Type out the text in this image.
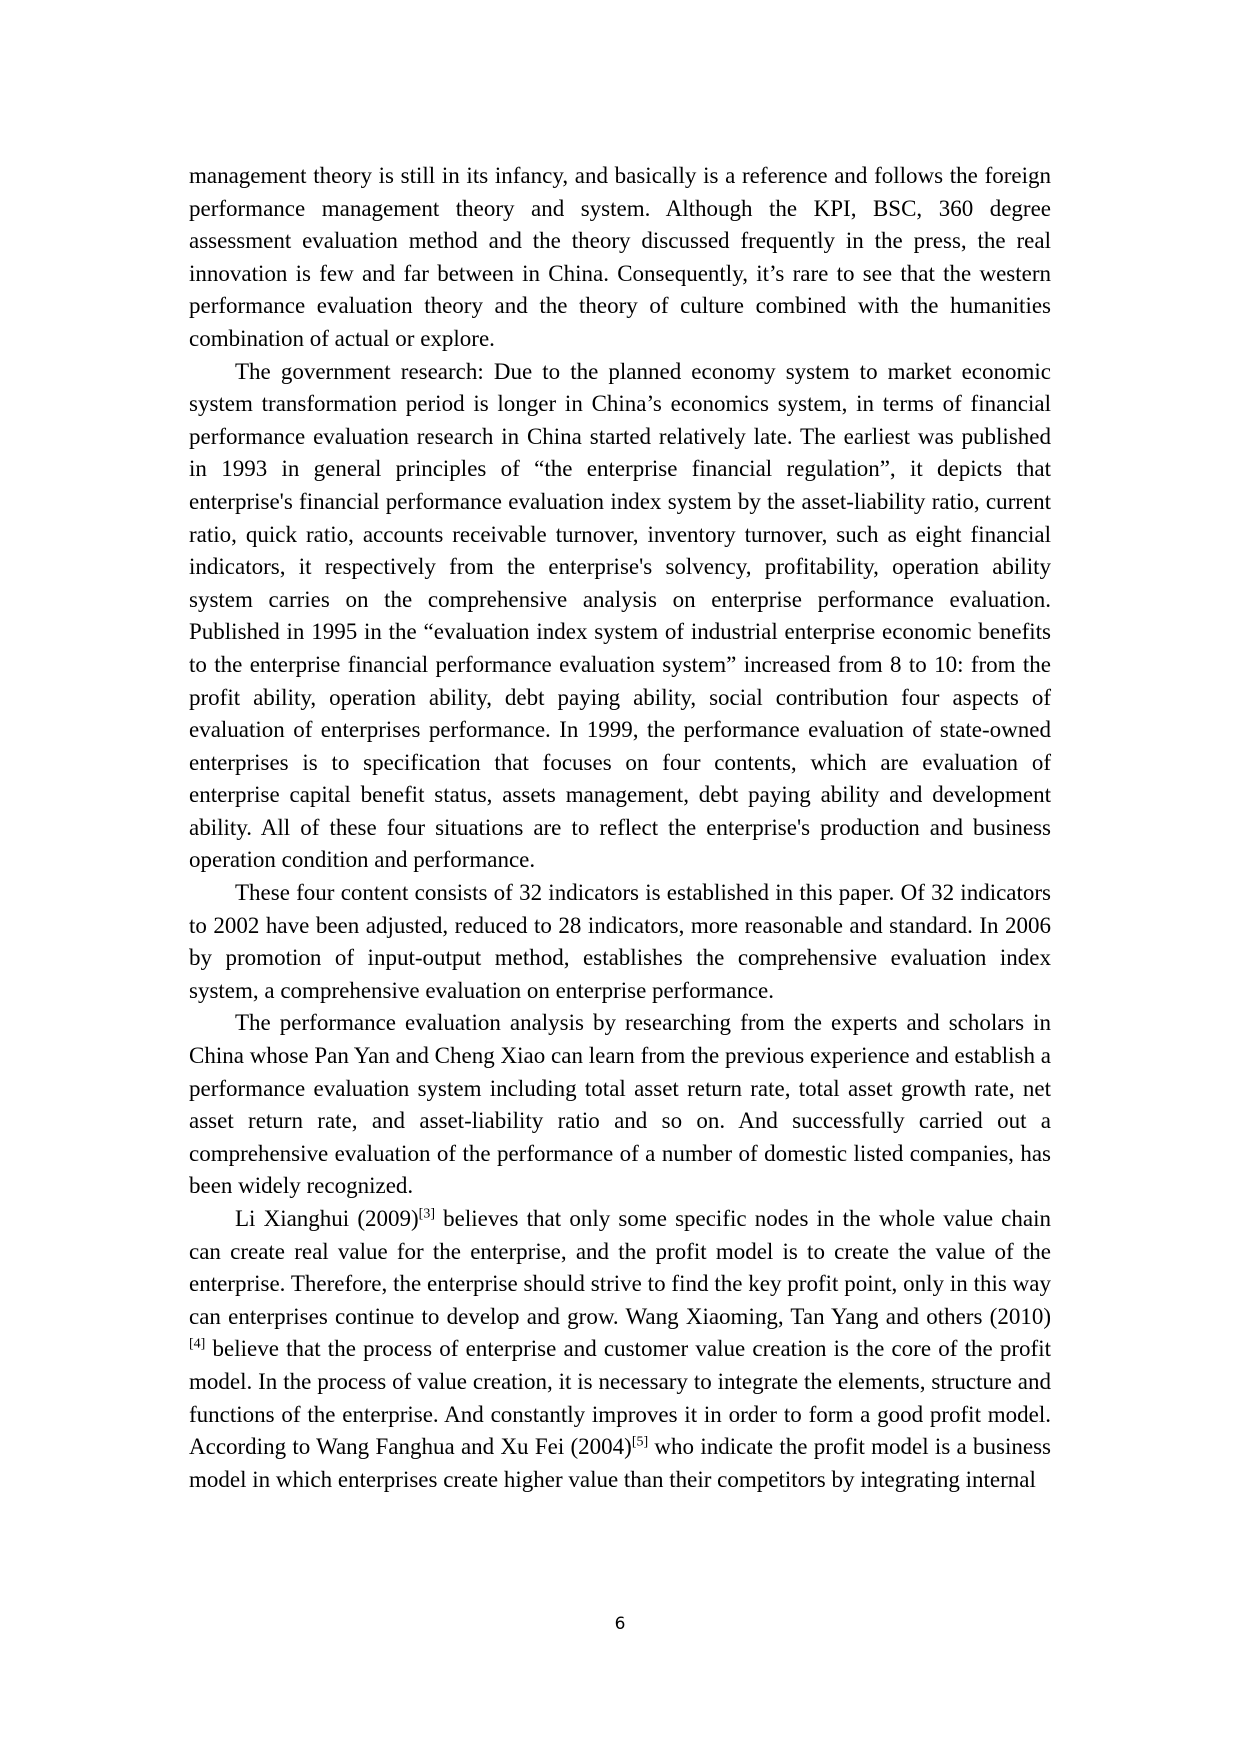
management theory is still in its infancy, and basically is a reference and follows the foreign performance management theory and system. Although the KPI, BSC, 360 degree assessment evaluation method and the theory discussed frequently in the press, the real innovation is few and far between in China. Consequently, it’s rare to see that the western performance evaluation theory and the theory of culture combined with the humanities combination of actual or explore.

The government research: Due to the planned economy system to market economic system transformation period is longer in China’s economics system, in terms of financial performance evaluation research in China started relatively late. The earliest was published in 1993 in general principles of “the enterprise financial regulation”, it depicts that enterprise's financial performance evaluation index system by the asset-liability ratio, current ratio, quick ratio, accounts receivable turnover, inventory turnover, such as eight financial indicators, it respectively from the enterprise's solvency, profitability, operation ability system carries on the comprehensive analysis on enterprise performance evaluation. Published in 1995 in the “evaluation index system of industrial enterprise economic benefits to the enterprise financial performance evaluation system” increased from 8 to 10: from the profit ability, operation ability, debt paying ability, social contribution four aspects of evaluation of enterprises performance. In 1999, the performance evaluation of state-owned enterprises is to specification that focuses on four contents, which are evaluation of enterprise capital benefit status, assets management, debt paying ability and development ability. All of these four situations are to reflect the enterprise's production and business operation condition and performance.

These four content consists of 32 indicators is established in this paper. Of 32 indicators to 2002 have been adjusted, reduced to 28 indicators, more reasonable and standard. In 2006 by promotion of input-output method, establishes the comprehensive evaluation index system, a comprehensive evaluation on enterprise performance.

The performance evaluation analysis by researching from the experts and scholars in China whose Pan Yan and Cheng Xiao can learn from the previous experience and establish a performance evaluation system including total asset return rate, total asset growth rate, net asset return rate, and asset-liability ratio and so on. And successfully carried out a comprehensive evaluation of the performance of a number of domestic listed companies, has been widely recognized.

Li Xianghui (2009)[3] believes that only some specific nodes in the whole value chain can create real value for the enterprise, and the profit model is to create the value of the enterprise. Therefore, the enterprise should strive to find the key profit point, only in this way can enterprises continue to develop and grow. Wang Xiaoming, Tan Yang and others (2010) [4] believe that the process of enterprise and customer value creation is the core of the profit model. In the process of value creation, it is necessary to integrate the elements, structure and functions of the enterprise. And constantly improves it in order to form a good profit model. According to Wang Fanghua and Xu Fei (2004)[5] who indicate the profit model is a business model in which enterprises create higher value than their competitors by integrating internal

6
